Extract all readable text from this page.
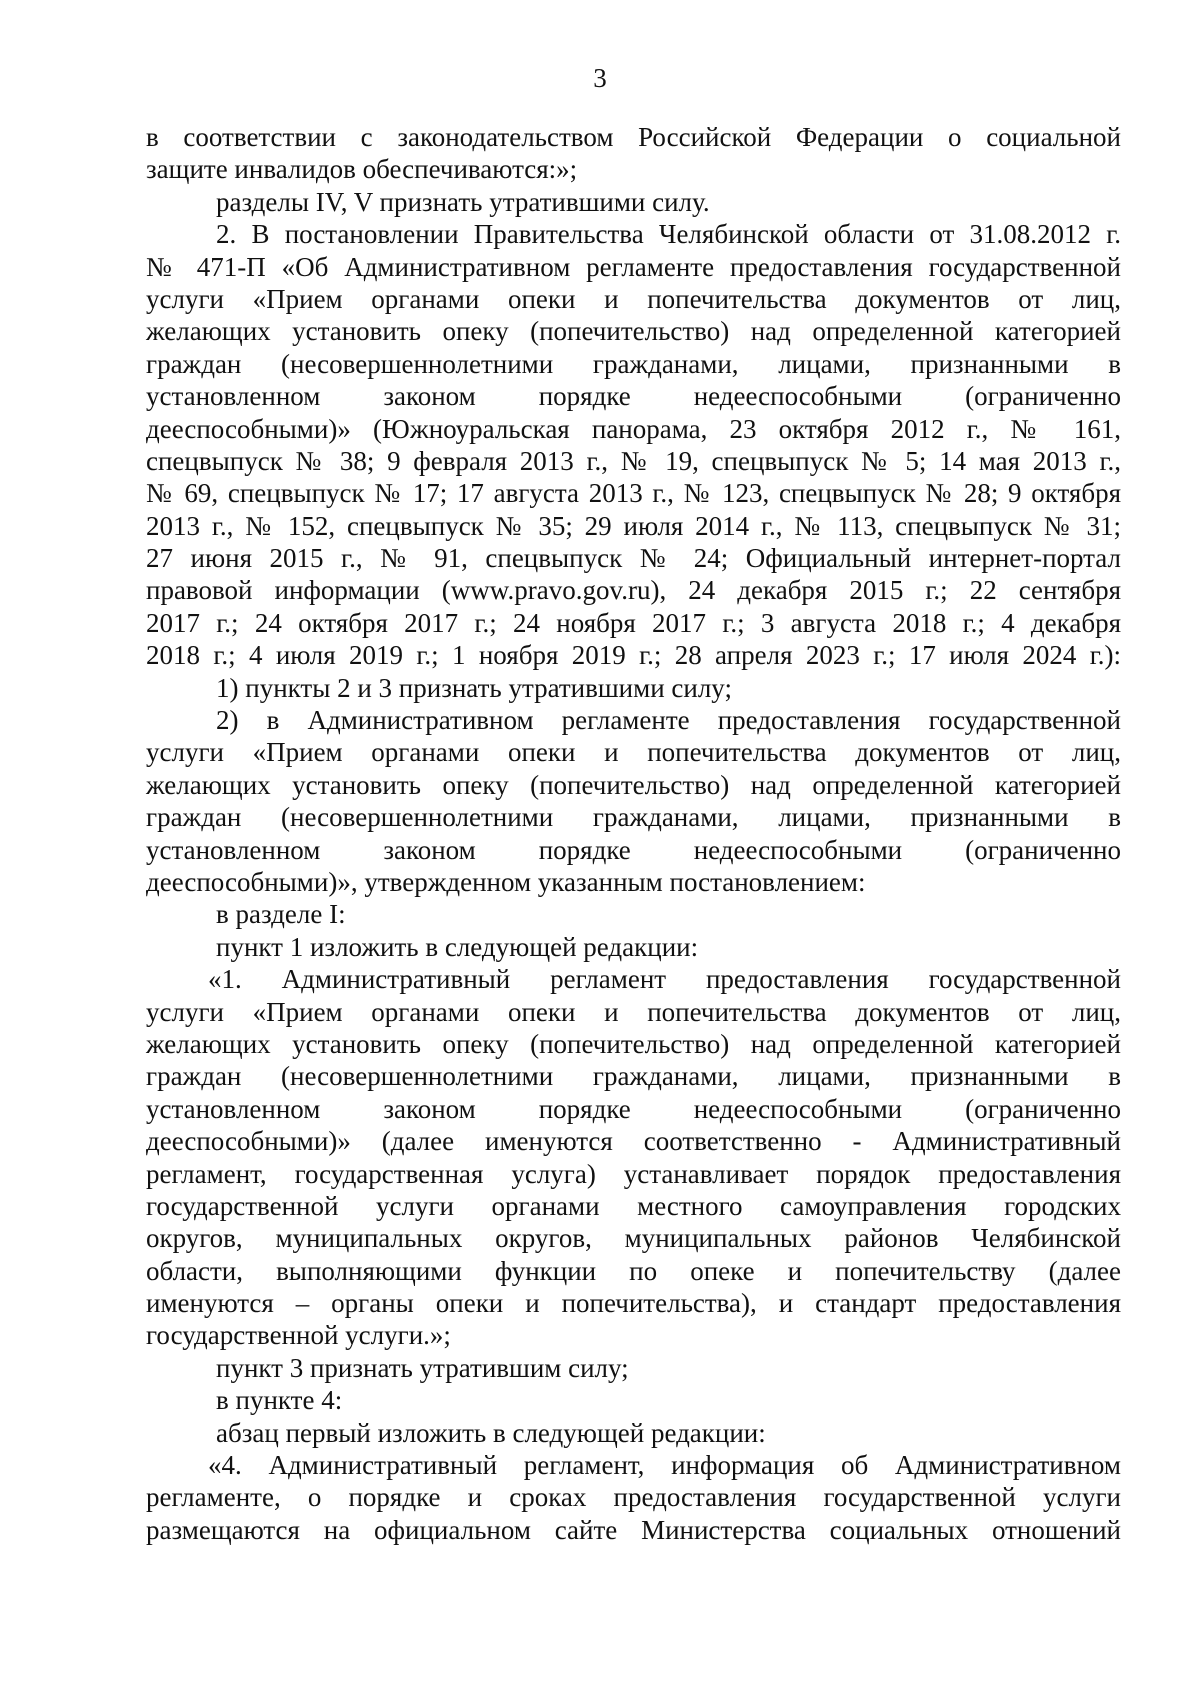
3
в соответствии с законодательством Российской Федерации о социальной
защите инвалидов обеспечиваются:»;
разделы IV, V признать утратившими силу.
2. В постановлении Правительства Челябинской области от 31.08.2012 г.
№ 471-П «Об Административном регламенте предоставления государственной
услуги «Прием органами опеки и попечительства документов от лиц,
желающих установить опеку (попечительство) над определенной категорией
граждан (несовершеннолетними гражданами, лицами, признанными в
установленном законом порядке недееспособными (ограниченно
дееспособными)» (Южноуральская панорама, 23 октября 2012 г., № 161,
спецвыпуск № 38; 9 февраля 2013 г., № 19, спецвыпуск № 5; 14 мая 2013 г.,
№ 69, спецвыпуск № 17; 17 августа 2013 г., № 123, спецвыпуск № 28; 9 октября
2013 г., № 152, спецвыпуск № 35; 29 июля 2014 г., № 113, спецвыпуск № 31;
27 июня 2015 г., № 91, спецвыпуск № 24; Официальный интернет-портал
правовой информации (www.pravo.gov.ru), 24 декабря 2015 г.; 22 сентября
2017 г.; 24 октября 2017 г.; 24 ноября 2017 г.; 3 августа 2018 г.; 4 декабря
2018 г.; 4 июля 2019 г.; 1 ноября 2019 г.; 28 апреля 2023 г.; 17 июля 2024 г.):
1) пункты 2 и 3 признать утратившими силу;
2) в Административном регламенте предоставления государственной
услуги «Прием органами опеки и попечительства документов от лиц,
желающих установить опеку (попечительство) над определенной категорией
граждан (несовершеннолетними гражданами, лицами, признанными в
установленном законом порядке недееспособными (ограниченно
дееспособными)», утвержденном указанным постановлением:
в разделе I:
пункт 1 изложить в следующей редакции:
«1. Административный регламент предоставления государственной
услуги «Прием органами опеки и попечительства документов от лиц,
желающих установить опеку (попечительство) над определенной категорией
граждан (несовершеннолетними гражданами, лицами, признанными в
установленном законом порядке недееспособными (ограниченно
дееспособными)» (далее именуются соответственно - Административный
регламент, государственная услуга) устанавливает порядок предоставления
государственной услуги органами местного самоуправления городских
округов, муниципальных округов, муниципальных районов Челябинской
области, выполняющими функции по опеке и попечительству (далее
именуются – органы опеки и попечительства), и стандарт предоставления
государственной услуги.»;
пункт 3 признать утратившим силу;
в пункте 4:
абзац первый изложить в следующей редакции:
«4. Административный регламент, информация об Административном
регламенте, о порядке и сроках предоставления государственной услуги
размещаются на официальном сайте Министерства социальных отношений
